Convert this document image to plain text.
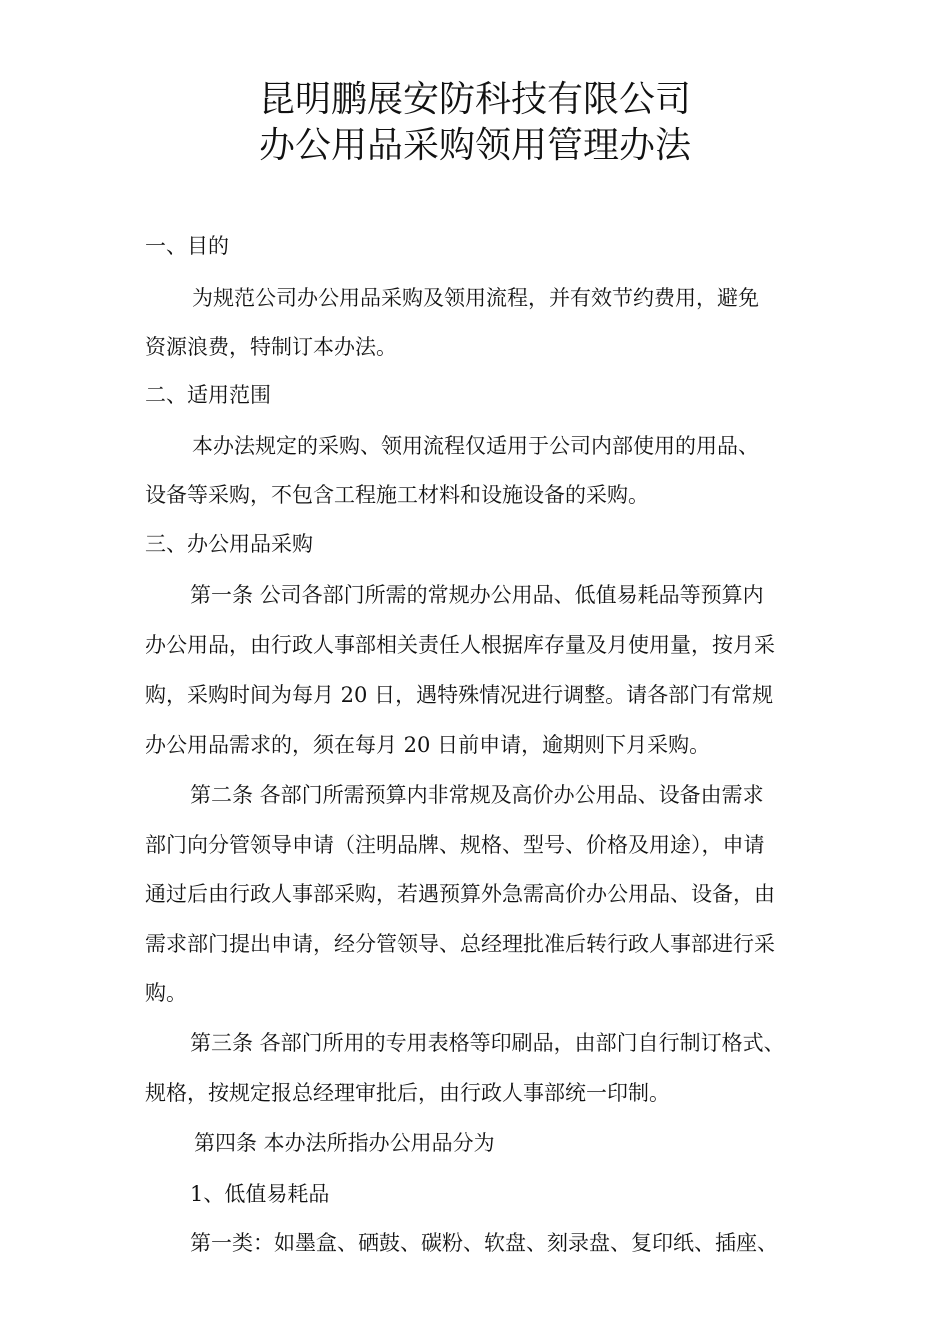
昆明鹏展安防科技有限公司
办公用品采购领用管理办法
一、目的
为规范公司办公用品采购及领用流程，并有效节约费用，避免
资源浪费，特制订本办法。
二、适用范围
本办法规定的采购、领用流程仅适用于公司内部使用的用品、
设备等采购，不包含工程施工材料和设施设备的采购。
三、办公用品采购
第一条 公司各部门所需的常规办公用品、低值易耗品等预算内
办公用品，由行政人事部相关责任人根据库存量及月使用量，按月采
购，采购时间为每月 20 日，遇特殊情况进行调整。请各部门有常规
办公用品需求的，须在每月 20 日前申请，逾期则下月采购。
第二条 各部门所需预算内非常规及高价办公用品、设备由需求
部门向分管领导申请（注明品牌、规格、型号、价格及用途），申请
通过后由行政人事部采购，若遇预算外急需高价办公用品、设备，由
需求部门提出申请，经分管领导、总经理批准后转行政人事部进行采
购。
第三条 各部门所用的专用表格等印刷品，由部门自行制订格式、
规格，按规定报总经理审批后，由行政人事部统一印制。
第四条 本办法所指办公用品分为
1、低值易耗品
第一类：如墨盒、硒鼓、碳粉、软盘、刻录盘、复印纸、插座、
